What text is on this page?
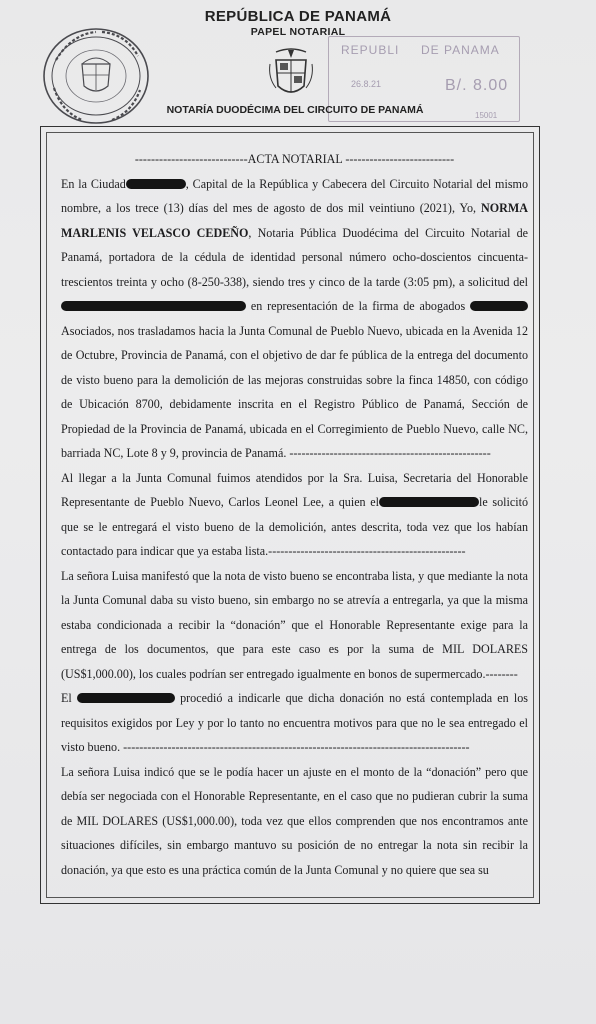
REPÚBLICA DE PANAMÁ
PAPEL NOTARIAL
REPUBLI DE PANAMA
26.8.21	B/. 8.00
15001
NOTARÍA DUODÉCIMA DEL CIRCUITO DE PANAMÁ

----------------------------ACTA NOTARIAL ---------------------------

En la Ciudad	, Capital de la República y Cabecera del Circuito Notarial del mismo nombre, a los trece (13) días del mes de agosto de dos mil veintiuno (2021), Yo, NORMA MARLENIS VELASCO CEDEÑO, Notaria Pública Duodécima del Circuito Notarial de Panamá, portadora de la cédula de identidad personal número ocho-doscientos cincuenta-trescientos treinta y ocho (8-250-338), siendo tres y cinco de la tarde (3:05 pm), a solicitud del  en representación de la firma de abogados  Asociados, nos trasladamos hacia la Junta Comunal de Pueblo Nuevo, ubicada en la Avenida 12 de Octubre, Provincia de Panamá, con el objetivo de dar fe pública de la entrega del documento de visto bueno para la demolición de las mejoras construidas sobre la finca 14850, con código de Ubicación 8700, debidamente inscrita en el Registro Público de Panamá, Sección de Propiedad de la Provincia de Panamá, ubicada en el Corregimiento de Pueblo Nuevo, calle NC, barriada NC, Lote 8 y 9, provincia de Panamá. --------------------------------------------------

Al llegar a la Junta Comunal fuimos atendidos por la Sra. Luisa, Secretaria del Honorable Representante de Pueblo Nuevo, Carlos Leonel Lee, a quien el	le solicitó que se le entregará el visto bueno de la demolición, antes descrita, toda vez que los habían contactado para indicar que ya estaba lista.-------------------------------------------------

La señora Luisa manifestó que la nota de visto bueno se encontraba lista, y que mediante la nota la Junta Comunal daba su visto bueno, sin embargo no se atrevía a entregarla, ya que la misma estaba condicionada a recibir la “donación” que el Honorable Representante exige para la entrega de los documentos, que para este caso es por la suma de MIL DOLARES (US$1,000.00), los cuales podrían ser entregado igualmente en bonos de supermercado.--------

El	procedió a indicarle que dicha donación no está contemplada en los requisitos exigidos por Ley y por lo tanto no encuentra motivos para que no le sea entregado el visto bueno. --------------------------------------------------------------------------------------

La señora Luisa indicó que se le podía hacer un ajuste en el monto de la “donación” pero que debía ser negociada con el Honorable Representante, en el caso que no pudieran cubrir la suma de MIL DOLARES (US$1,000.00), toda vez que ellos comprenden que nos encontramos ante situaciones difíciles, sin embargo mantuvo su posición de no entregar la nota sin recibir la donación, ya que esto es una práctica común de la Junta Comunal y no quiere que sea su
